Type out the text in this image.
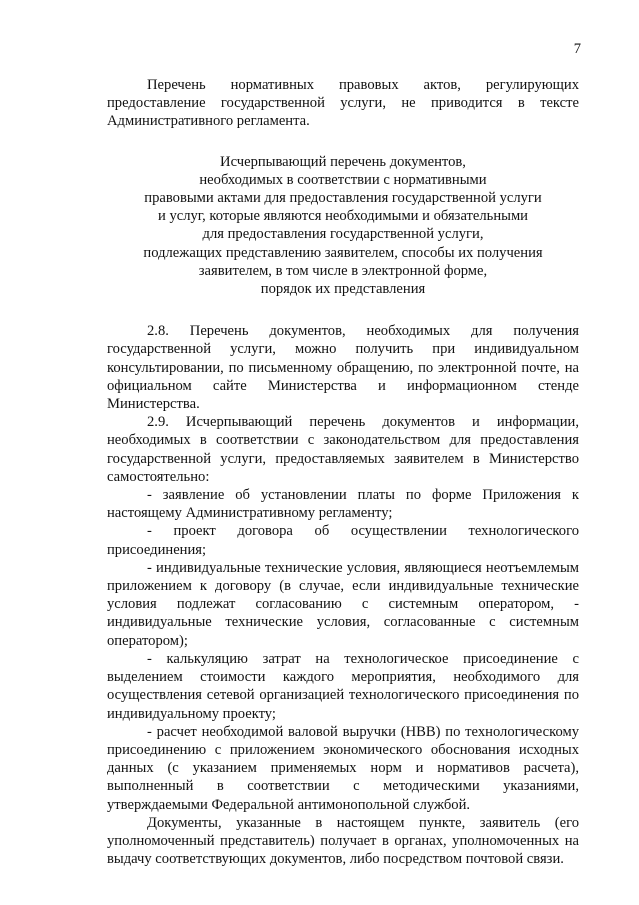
7

Перечень нормативных правовых актов, регулирующих предоставление государственной услуги, не приводится в тексте Административного регламента.

Исчерпывающий перечень документов,
необходимых в соответствии с нормативными
правовыми актами для предоставления государственной услуги
и услуг, которые являются необходимыми и обязательными
для предоставления государственной услуги,
подлежащих представлению заявителем, способы их получения
заявителем, в том числе в электронной форме,
порядок их представления

2.8. Перечень документов, необходимых для получения государственной услуги, можно получить при индивидуальном консультировании, по письменному обращению, по электронной почте, на официальном сайте Министерства и информационном стенде Министерства.

2.9. Исчерпывающий перечень документов и информации, необходимых в соответствии с законодательством для предоставления государственной услуги, предоставляемых заявителем в Министерство самостоятельно:

- заявление об установлении платы по форме Приложения к настоящему Административному регламенту;

- проект договора об осуществлении технологического присоединения;

- индивидуальные технические условия, являющиеся неотъемлемым приложением к договору (в случае, если индивидуальные технические условия подлежат согласованию с системным оператором, - индивидуальные технические условия, согласованные с системным оператором);

- калькуляцию затрат на технологическое присоединение с выделением стоимости каждого мероприятия, необходимого для осуществления сетевой организацией технологического присоединения по индивидуальному проекту;

- расчет необходимой валовой выручки (НВВ) по технологическому присоединению с приложением экономического обоснования исходных данных (с указанием применяемых норм и нормативов расчета), выполненный в соответствии с методическими указаниями, утверждаемыми Федеральной антимонопольной службой.

Документы, указанные в настоящем пункте, заявитель (его уполномоченный представитель) получает в органах, уполномоченных на выдачу соответствующих документов, либо посредством почтовой связи.
